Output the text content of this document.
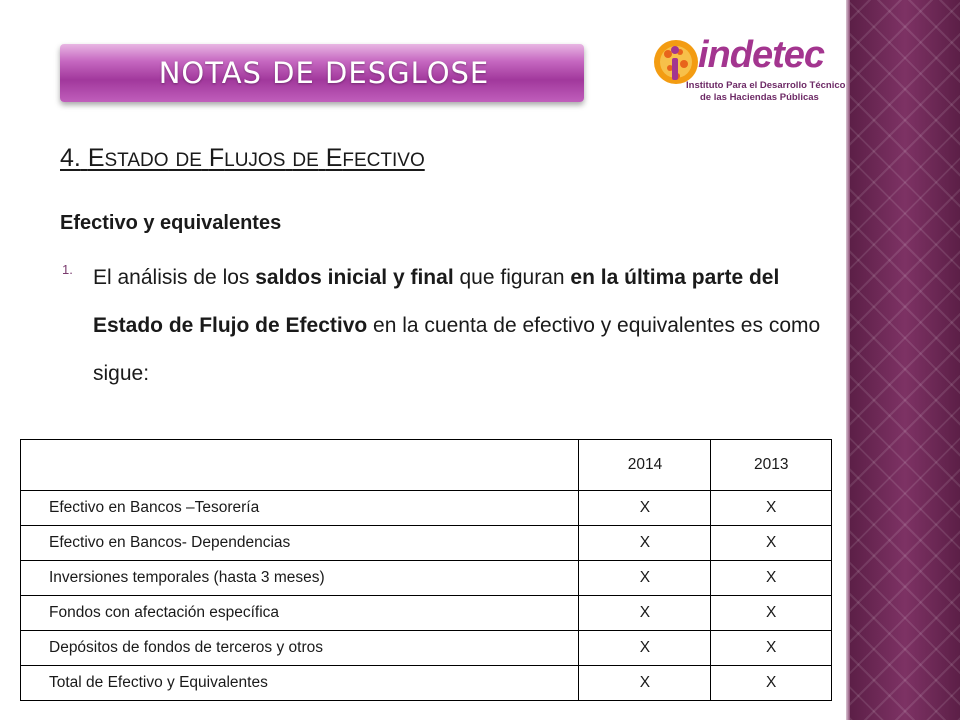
NOTAS DE DESGLOSE	indetec
Instituto Para el Desarrollo Técnico
de las Haciendas Públicas
4. ESTADO DE FLUJOS DE EFECTIVO
Efectivo y equivalentes
1. El análisis de los saldos inicial y final que figuran en la última parte del Estado de Flujo de Efectivo en la cuenta de efectivo y equivalentes es como sigue:
	2014	2013
Efectivo en Bancos –Tesorería	X	X
Efectivo en Bancos- Dependencias	X	X
Inversiones temporales (hasta 3 meses)	X	X
Fondos con afectación específica	X	X
Depósitos de fondos de terceros y otros	X	X
Total de Efectivo y Equivalentes	X	X
